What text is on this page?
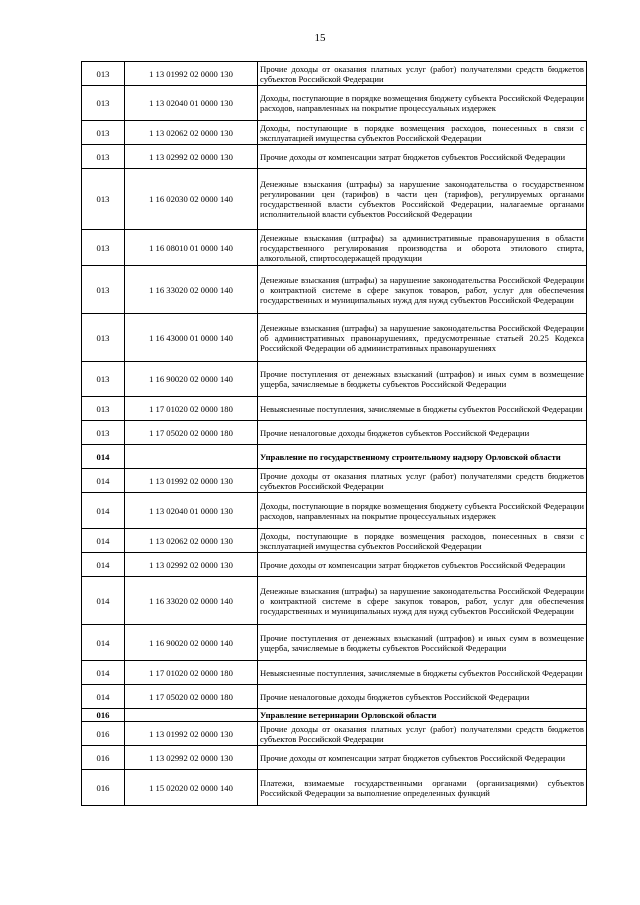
15
013	1 13 01992 02 0000 130	Прочие доходы от оказания платных услуг (работ) получателями средств бюджетов субъектов Российской Федерации
013	1 13 02040 01 0000 130	Доходы, поступающие в порядке возмещения бюджету субъекта Российской Федерации расходов, направленных на покрытие процессуальных издержек
013	1 13 02062 02 0000 130	Доходы, поступающие в порядке возмещения расходов, понесенных в связи с эксплуатацией имущества субъектов Российской Федерации
013	1 13 02992 02 0000 130	Прочие доходы от компенсации затрат бюджетов субъектов Российской Федерации
013	1 16 02030 02 0000 140	Денежные взыскания (штрафы) за нарушение законодательства о государственном регулировании цен (тарифов) в части цен (тарифов), регулируемых органами государственной власти субъектов Российской Федерации, налагаемые органами исполнительной власти субъектов Российской Федерации
013	1 16 08010 01 0000 140	Денежные взыскания (штрафы) за административные правонарушения в области государственного регулирования производства и оборота этилового спирта, алкогольной, спиртосодержащей продукции
013	1 16 33020 02 0000 140	Денежные взыскания (штрафы) за нарушение законодательства Российской Федерации о контрактной системе в сфере закупок товаров, работ, услуг для обеспечения государственных и муниципальных нужд для нужд субъектов Российской Федерации
013	1 16 43000 01 0000 140	Денежные взыскания (штрафы) за нарушение законодательства Российской Федерации об административных правонарушениях, предусмотренные статьей 20.25 Кодекса Российской Федерации об административных правонарушениях
013	1 16 90020 02 0000 140	Прочие поступления от денежных взысканий (штрафов) и иных сумм в возмещение ущерба, зачисляемые в бюджеты субъектов Российской Федерации
013	1 17 01020 02 0000 180	Невыясненные поступления, зачисляемые в бюджеты субъектов Российской Федерации
013	1 17 05020 02 0000 180	Прочие неналоговые доходы бюджетов субъектов Российской Федерации
014		Управление по государственному строительному надзору Орловской области
014	1 13 01992 02 0000 130	Прочие доходы от оказания платных услуг (работ) получателями средств бюджетов субъектов Российской Федерации
014	1 13 02040 01 0000 130	Доходы, поступающие в порядке возмещения бюджету субъекта Российской Федерации расходов, направленных на покрытие процессуальных издержек
014	1 13 02062 02 0000 130	Доходы, поступающие в порядке возмещения расходов, понесенных в связи с эксплуатацией имущества субъектов Российской Федерации
014	1 13 02992 02 0000 130	Прочие доходы от компенсации затрат бюджетов субъектов Российской Федерации
014	1 16 33020 02 0000 140	Денежные взыскания (штрафы) за нарушение законодательства Российской Федерации о контрактной системе в сфере закупок товаров, работ, услуг для обеспечения государственных и муниципальных нужд для нужд субъектов Российской Федерации
014	1 16 90020 02 0000 140	Прочие поступления от денежных взысканий (штрафов) и иных сумм в возмещение ущерба, зачисляемые в бюджеты субъектов Российской Федерации
014	1 17 01020 02 0000 180	Невыясненные поступления, зачисляемые в бюджеты субъектов Российской Федерации
014	1 17 05020 02 0000 180	Прочие неналоговые доходы бюджетов субъектов Российской Федерации
016		Управление ветеринарии Орловской области
016	1 13 01992 02 0000 130	Прочие доходы от оказания платных услуг (работ) получателями средств бюджетов субъектов Российской Федерации
016	1 13 02992 02 0000 130	Прочие доходы от компенсации затрат бюджетов субъектов Российской Федерации
016	1 15 02020 02 0000 140	Платежи, взимаемые государственными органами (организациями) субъектов Российской Федерации за выполнение определенных функций
